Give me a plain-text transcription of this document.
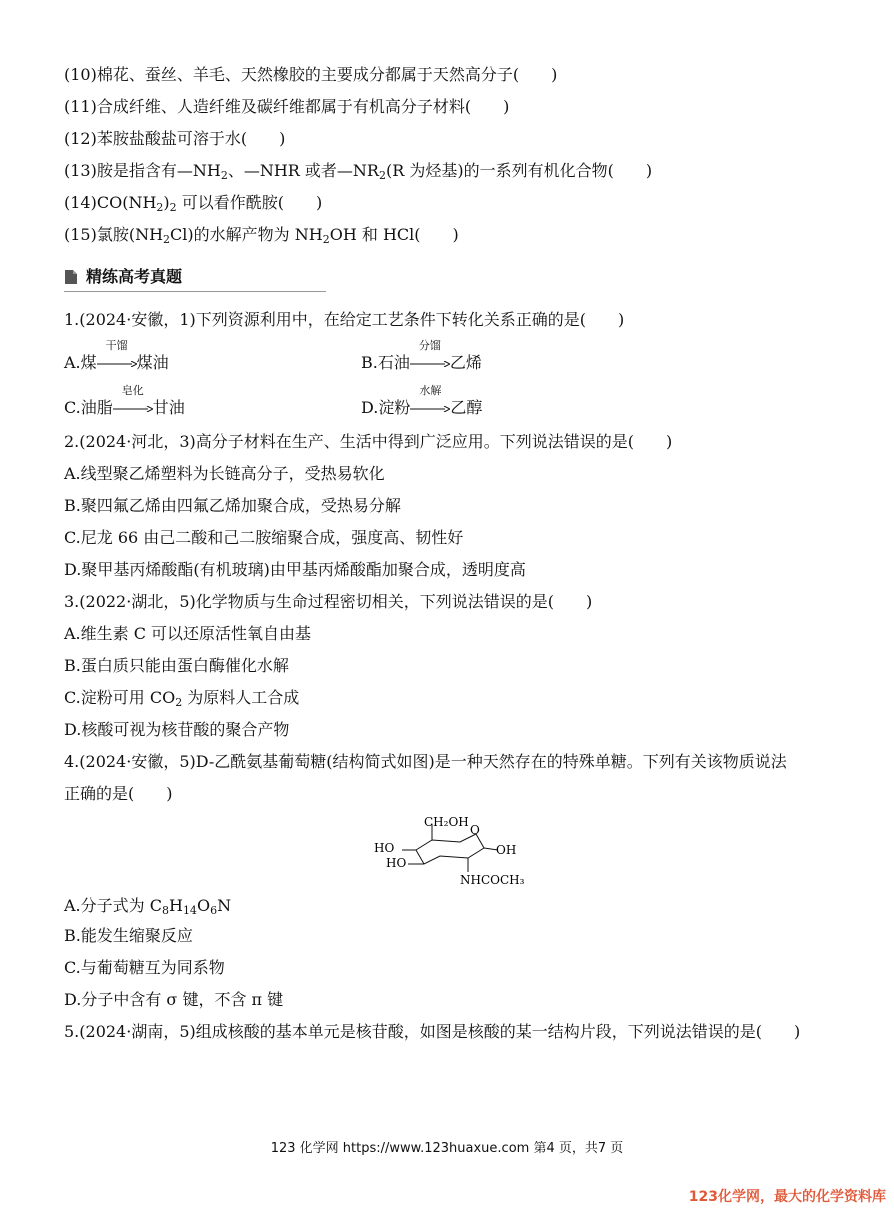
(10)棉花、蚕丝、羊毛、天然橡胶的主要成分都属于天然高分子(　　)
(11)合成纤维、人造纤维及碳纤维都属于有机高分子材料(　　)
(12)苯胺盐酸盐可溶于水(　　)
(13)胺是指含有$—NH_2$、—NHR 或者$—NR_2(R$ 为烃基)的一系列有机化合物(　　)
$(14)CO(NH_2)_2$ 可以看作酰胺(　　)
(15)氯胺$(NH_2Cl)$的水解产物为 $NH_2OH$ 和 HCl(　　)
精练高考真题
1.(2024·安徽，1)下列资源利用中，在给定工艺条件下转化关系正确的是(　　)
A.煤
干馏
煤油	B.石油
分馏
乙烯
C.油脂
皂化
甘油	D.淀粉
水解
乙醇
2.(2024·河北，3)高分子材料在生产、生活中得到广泛应用。下列说法错误的是(　　)
A.线型聚乙烯塑料为长链高分子，受热易软化
B.聚四氟乙烯由四氟乙烯加聚合成，受热易分解
C.尼龙 66 由己二酸和己二胺缩聚合成，强度高、韧性好
D.聚甲基丙烯酸酯(有机玻璃)由甲基丙烯酸酯加聚合成，透明度高
3.(2022·湖北，5)化学物质与生命过程密切相关，下列说法错误的是(　　)
A.维生素 C 可以还原活性氧自由基
B.蛋白质只能由蛋白酶催化水解
C.淀粉可用 $CO_2$ 为原料人工合成
D.核酸可视为核苷酸的聚合产物
4.(2024·安徽，5)D-乙酰氨基葡萄糖(结构简式如图)是一种天然存在的特殊单糖。下列有关该物质说法
正确的是(　　)
CH₂OH
O
HO
HO
OH
NHCOCH₃
A.分子式为 $C_8H_{14}O_6N$
B.能发生缩聚反应
C.与葡萄糖互为同系物
D.分子中含有 σ 键，不含 π 键
5.(2024·湖南，5)组成核酸的基本单元是核苷酸，如图是核酸的某一结构片段，下列说法错误的是(　　)
123 化学网 https://www.123huaxue.com 第4 页，共7 页
123化学网，最大的化学资料库
